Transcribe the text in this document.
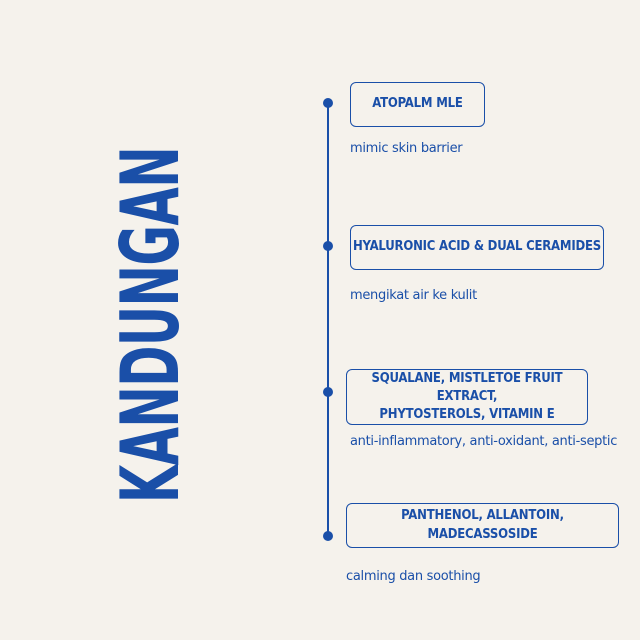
KANDUNGAN
ATOPALM MLE
mimic skin barrier
HYALURONIC ACID & DUAL CERAMIDES
mengikat air ke kulit
SQUALANE, MISTLETOE FRUIT EXTRACT,
PHYTOSTEROLS, VITAMIN E
anti-inflammatory, anti-oxidant, anti-septic
PANTHENOL, ALLANTOIN, MADECASSOSIDE
calming dan soothing
